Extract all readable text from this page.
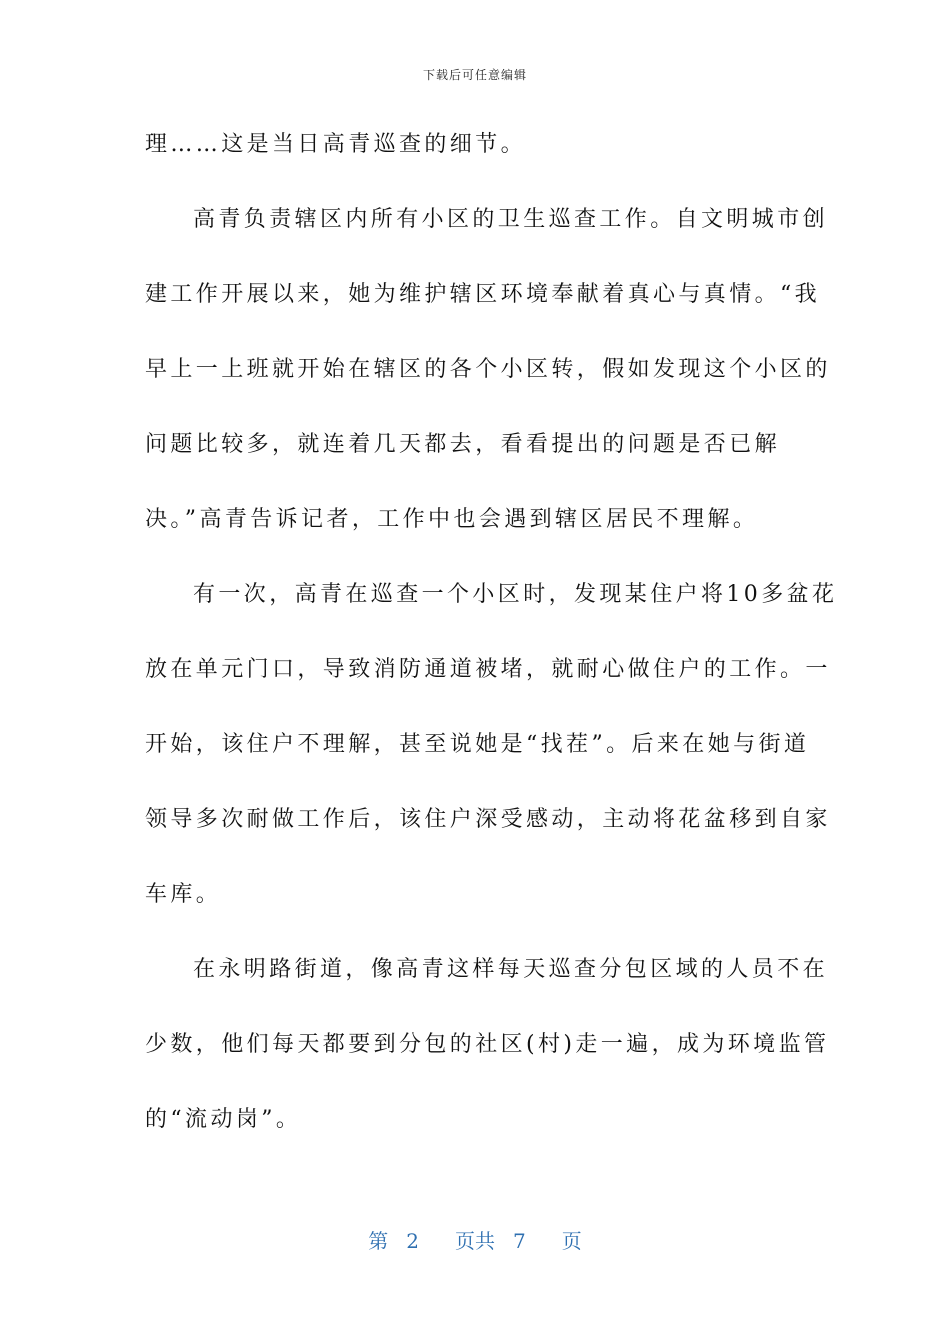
下载后可任意编辑
理……这是当日高青巡查的细节。
高青负责辖区内所有小区的卫生巡查工作。自文明城市创
建工作开展以来，她为维护辖区环境奉献着真心与真情。“我
早上一上班就开始在辖区的各个小区转，假如发现这个小区的
问题比较多，就连着几天都去，看看提出的问题是否已解
决。”高青告诉记者，工作中也会遇到辖区居民不理解。
有一次，高青在巡查一个小区时，发现某住户将10多盆花
放在单元门口，导致消防通道被堵，就耐心做住户的工作。一
开始，该住户不理解，甚至说她是“找茬”。后来在她与街道
领导多次耐做工作后，该住户深受感动，主动将花盆移到自家
车库。
在永明路街道，像高青这样每天巡查分包区域的人员不在
少数，他们每天都要到分包的社区(村)走一遍，成为环境监管
的“流动岗”。
第 2 页共 7 页
